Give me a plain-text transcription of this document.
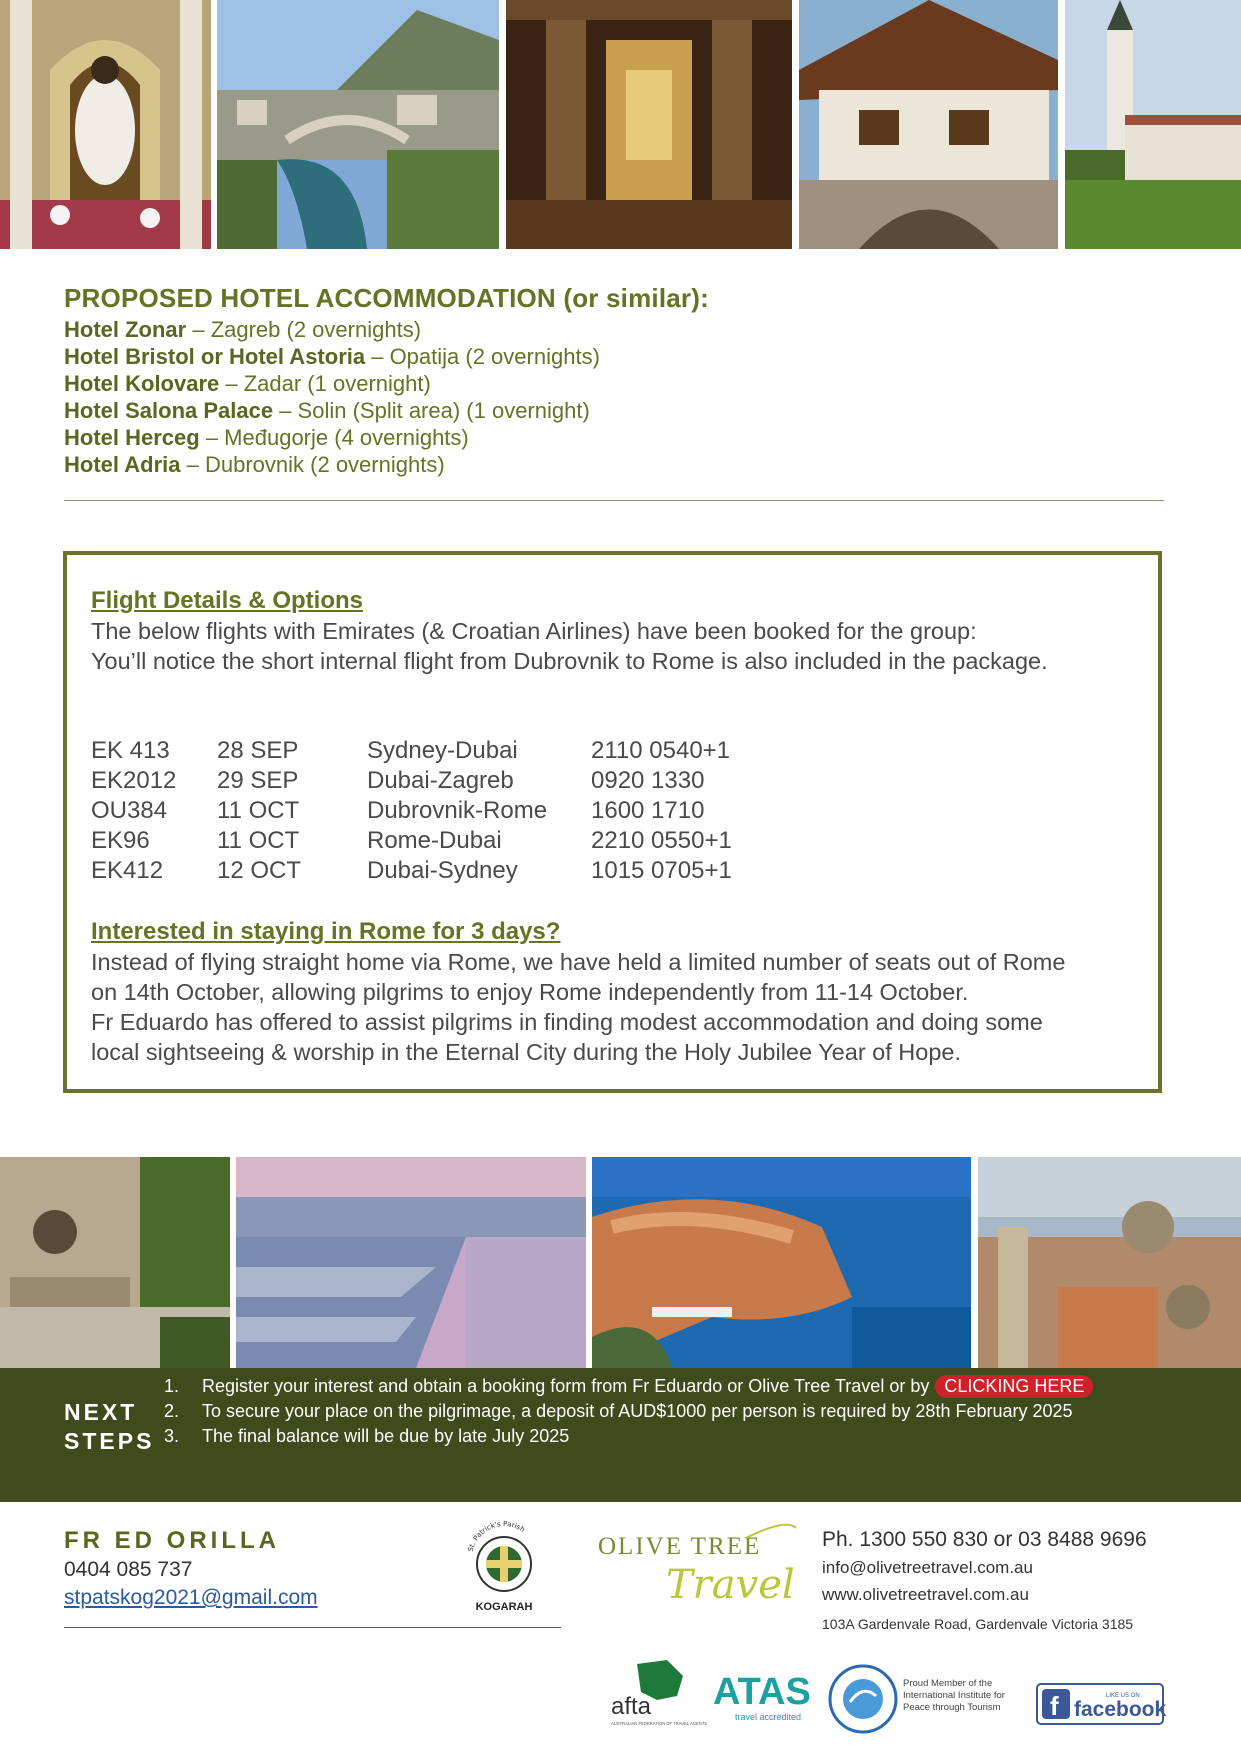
PROPOSED HOTEL ACCOMMODATION (or similar):

Hotel Zonar – Zagreb (2 overnights)

Hotel Bristol or Hotel Astoria – Opatija (2 overnights)

Hotel Kolovare – Zadar (1 overnight)

Hotel Salona Palace – Solin (Split area) (1 overnight)

Hotel Herceg – Međugorje (4 overnights)

Hotel Adria – Dubrovnik (2 overnights)

Flight Details & Options

The below flights with Emirates (& Croatian Airlines) have been booked for the group:

You’ll notice the short internal flight from Dubrovnik to Rome is also included in the package.

EK 413	28 SEP	Sydney-Dubai	2110 0540+1
EK2012	29 SEP	Dubai-Zagreb	0920 1330
OU384	11 OCT	Dubrovnik-Rome	1600 1710
EK96	11 OCT	Rome-Dubai	2210 0550+1
EK412	12 OCT	Dubai-Sydney	1015 0705+1

Interested in staying in Rome for 3 days?

Instead of flying straight home via Rome, we have held a limited number of seats out of Rome

on 14th October, allowing pilgrims to enjoy Rome independently from 11-14 October.

Fr Eduardo has offered to assist pilgrims in finding modest accommodation and doing some

local sightseeing & worship in the Eternal City during the Holy Jubilee Year of Hope.

NEXT
STEPS
1. Register your interest and obtain a booking form from Fr Eduardo or Olive Tree Travel or by CLICKING HERE
2. To secure your place on the pilgrimage, a deposit of AUD$1000 per person is required by 28th February 2025
3. The final balance will be due by late July 2025

FR ED ORILLA

0404 085 737

stpatskog2021@gmail.com

St. Patrick's Parish
KOGARAH
OLIVE TREE
Travel

Ph. 1300 550 830 or 03 8488 9696

info@olivetreetravel.com.au

www.olivetreetravel.com.au

103A Gardenvale Road, Gardenvale Victoria 3185

afta
AUSTRALIAN FEDERATION OF TRAVEL AGENTS
ATAS
travel accredited
Proud Member of the International Institute for Peace through Tourism	f	LIKE US ON
facebook
